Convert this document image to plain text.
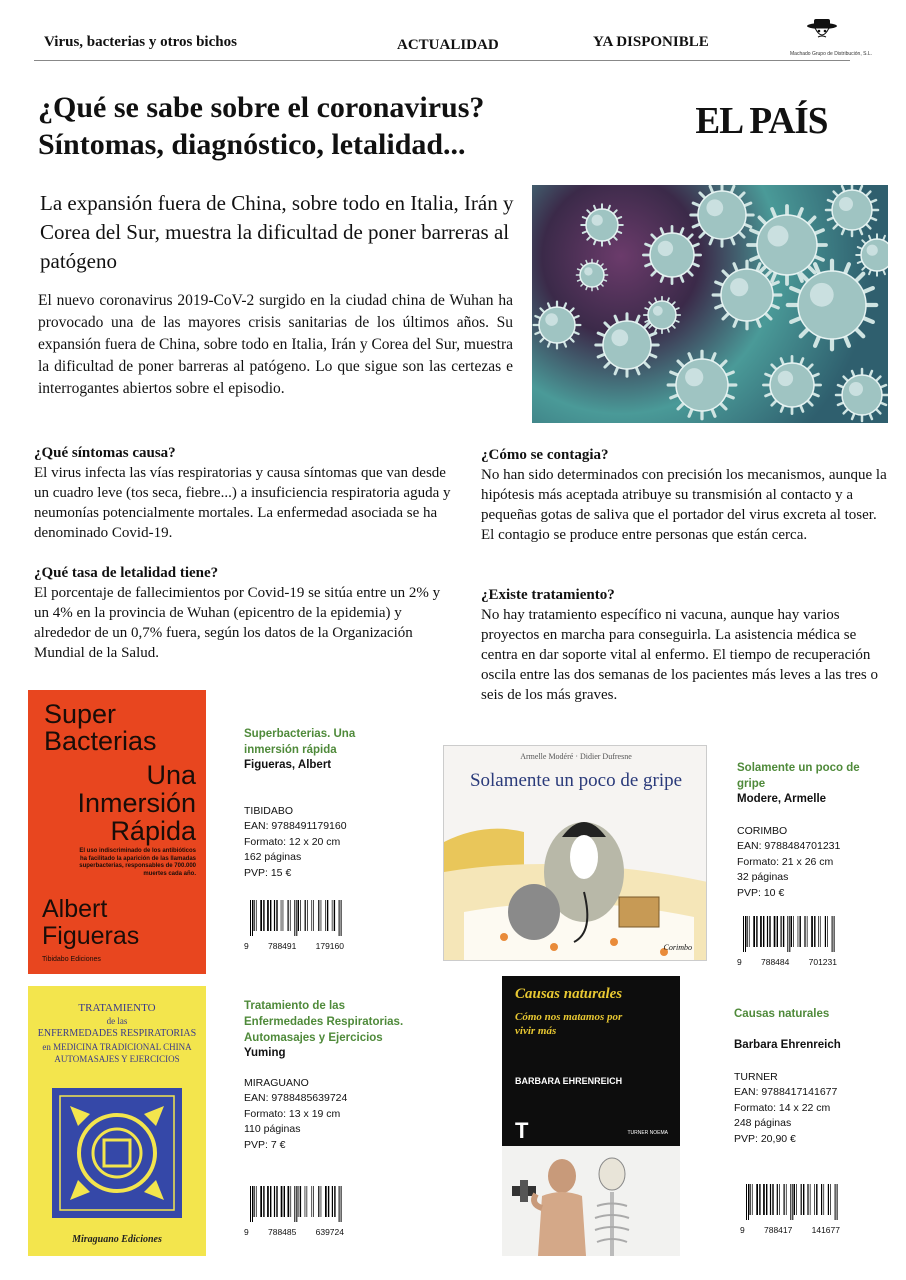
Virus, bacterias y otros bichos	ACTUALIDAD	YA DISPONIBLE
Machado Grupo de Distribución, S.L.
¿Qué se sabe sobre el coronavirus?
Síntomas, diagnóstico, letalidad...
EL PAÍS
La expansión fuera de China, sobre todo en Italia, Irán y Corea del Sur, muestra la dificultad de poner barreras al patógeno
El nuevo coronavirus 2019-CoV-2 surgido en la ciudad china de Wuhan ha provocado una de las mayores crisis sanitarias de los últimos años. Su expansión fuera de China, sobre todo en Italia, Irán y Corea del Sur, muestra la dificultad de poner barreras al patógeno. Lo que sigue son las certezas e interrogantes abiertos sobre el episodio.
¿Qué síntomas causa?

El virus infecta las vías respiratorias y causa síntomas que van desde un cuadro leve (tos seca, fiebre...) a insuficiencia respiratoria aguda y neumonías potencialmente mortales. La enfermedad asociada se ha denominado Covid-19.

¿Qué tasa de letalidad tiene?

El porcentaje de fallecimientos por Covid-19 se sitúa entre un 2% y un 4% en la provincia de Wuhan (epicentro de la epidemia) y alrededor de un 0,7% fuera, según los datos de la Organización Mundial de la Salud.

¿Cómo se contagia?

No han sido determinados con precisión los mecanismos, aunque la hipótesis más aceptada atribuye su transmisión al contacto y a pequeñas gotas de saliva que el portador del virus excreta al toser. El contagio se produce entre personas que están cerca.

¿Existe tratamiento?

No hay tratamiento específico ni vacuna, aunque hay varios proyectos en marcha para conseguirla. La asistencia médica se centra en dar soporte vital al enfermo. El tiempo de recuperación oscila entre las dos semanas de los pacientes más leves a las tres o seis de los más graves.

Super
Bacterias
Una
Inmersión
Rápida
El uso indiscriminado de los antibióticos ha facilitado la aparición de las llamadas superbacterias, responsables de 700.000 muertes cada año.
Albert
Figueras
Tibidabo Ediciones
Superbacterias. Una inmersión rápida
Figueras, Albert
TIBIDABO
EAN: 9788491179160
Formato: 12 x 20 cm
162 páginas
PVP: 15 €
9 788491 179160
Armelle Modéré · Didier Dufresne
Solamente un poco de gripe
Corimbo
Solamente un poco de gripe
Modere, Armelle
CORIMBO
EAN: 9788484701231
Formato: 21 x 26 cm
32 páginas
PVP: 10 €
9 788484 701231
TRATAMIENTO
de las
ENFERMEDADES RESPIRATORIAS
en MEDICINA TRADICIONAL CHINA
AUTOMASAJES Y EJERCICIOS
Miraguano Ediciones
Tratamiento de las Enfermedades Respiratorias. Automasajes y Ejercicios
Yuming
MIRAGUANO
EAN: 9788485639724
Formato: 13 x 19 cm
110 páginas
PVP: 7 €
9 788485 639724
Causas naturales
Cómo nos matamos por vivir más
BARBARA EHRENREICH
T	TURNER NOEMA
Causas naturales
Barbara Ehrenreich
TURNER
EAN: 9788417141677
Formato: 14 x 22 cm
248 páginas
PVP: 20,90 €
9 788417 141677
